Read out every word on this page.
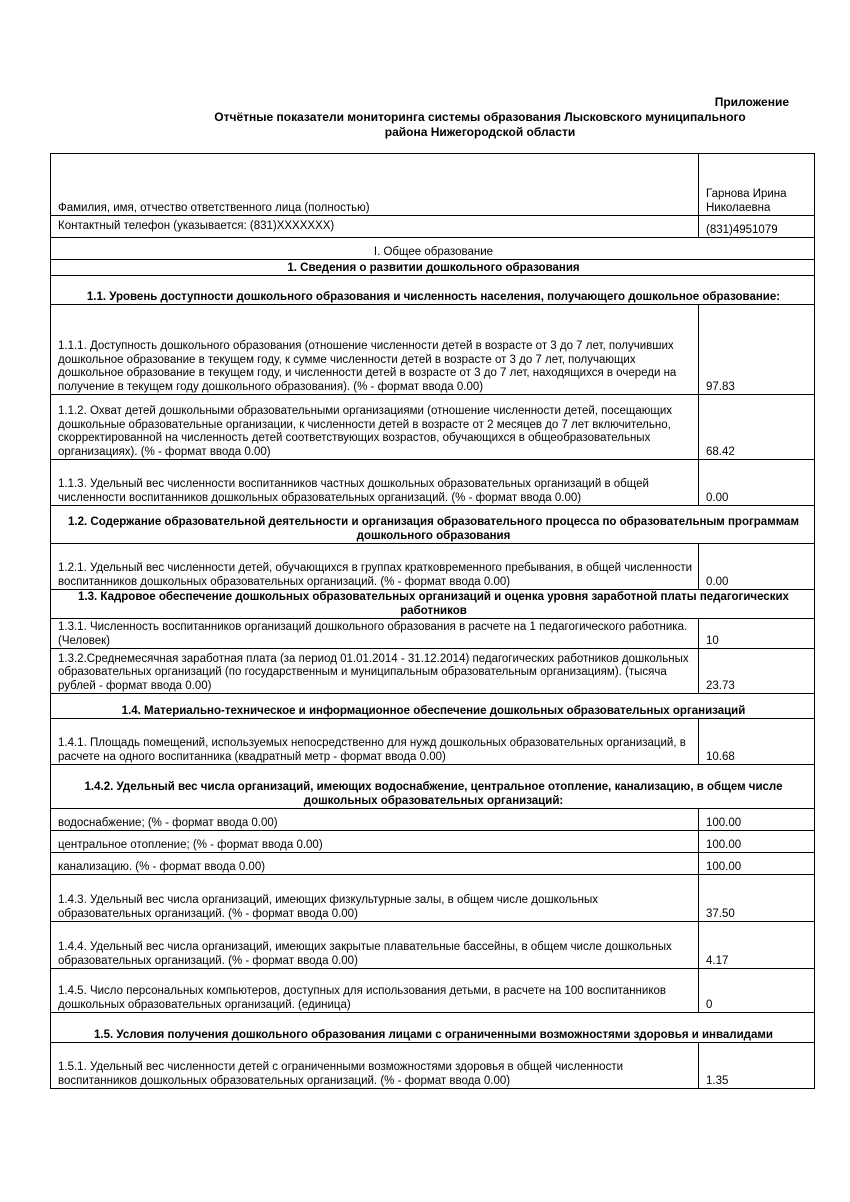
Приложение
Отчётные показатели мониторинга системы образования Лысковского муниципального
района Нижегородской области
Фамилия, имя, отчество ответственного лица (полностью)	Гарнова Ирина Николаевна
Контактный телефон (указывается: (831)XXXXXXX)	(831)4951079
I. Общее образование	
1. Сведения о развитии дошкольного образования	
1.1. Уровень доступности дошкольного образования и численность населения, получающего дошкольное образование:	
1.1.1. Доступность дошкольного образования (отношение численности детей в возрасте от 3 до 7 лет, получивших дошкольное образование в текущем году, к сумме численности детей в возрасте от 3 до 7 лет, получающих дошкольное образование в текущем году, и численности детей в возрасте от 3 до 7 лет, находящихся в очереди на получение в текущем году дошкольного образования). (% - формат ввода 0.00)	97.83
1.1.2. Охват детей дошкольными образовательными организациями (отношение численности детей, посещающих дошкольные образовательные организации, к численности детей в возрасте от 2 месяцев до 7 лет включительно, скорректированной на численность детей соответствующих возрастов, обучающихся в общеобразовательных организациях). (% - формат ввода 0.00)	68.42
1.1.3. Удельный вес численности воспитанников частных дошкольных образовательных организаций в общей численности воспитанников дошкольных образовательных организаций. (% - формат ввода 0.00)	0.00
1.2. Содержание образовательной деятельности и организация образовательного процесса по образовательным программам дошкольного образования	
1.2.1. Удельный вес численности детей, обучающихся в группах кратковременного пребывания, в общей численности воспитанников дошкольных образовательных организаций. (% - формат ввода 0.00)	0.00
1.3. Кадровое обеспечение дошкольных образовательных организаций и оценка уровня заработной платы педагогических работников	
1.3.1. Численность воспитанников организаций дошкольного образования в расчете на 1 педагогического работника. (Человек)	10
1.3.2.Среднемесячная заработная плата (за период 01.01.2014 - 31.12.2014) педагогических работников дошкольных образовательных организаций (по государственным и муниципальным образовательным организациям). (тысяча рублей - формат ввода 0.00)	23.73
1.4. Материально-техническое и информационное обеспечение дошкольных образовательных организаций	
1.4.1. Площадь помещений, используемых непосредственно для нужд дошкольных образовательных организаций, в расчете на одного воспитанника (квадратный метр - формат ввода 0.00)	10.68
1.4.2. Удельный вес числа организаций, имеющих водоснабжение, центральное отопление, канализацию, в общем числе дошкольных образовательных организаций:	
водоснабжение; (% - формат ввода 0.00)	100.00
центральное отопление; (% - формат ввода 0.00)	100.00
канализацию. (% - формат ввода 0.00)	100.00
1.4.3. Удельный вес числа организаций, имеющих физкультурные залы, в общем числе дошкольных образовательных организаций. (% - формат ввода 0.00)	37.50
1.4.4. Удельный вес числа организаций, имеющих закрытые плавательные бассейны, в общем числе дошкольных образовательных организаций. (% - формат ввода 0.00)	4.17
1.4.5. Число персональных компьютеров, доступных для использования детьми, в расчете на 100 воспитанников дошкольных образовательных организаций. (единица)	0
1.5. Условия получения дошкольного образования лицами с ограниченными возможностями здоровья и инвалидами	
1.5.1. Удельный вес численности детей с ограниченными возможностями здоровья в общей численности воспитанников дошкольных образовательных организаций. (% - формат ввода 0.00)	1.35
